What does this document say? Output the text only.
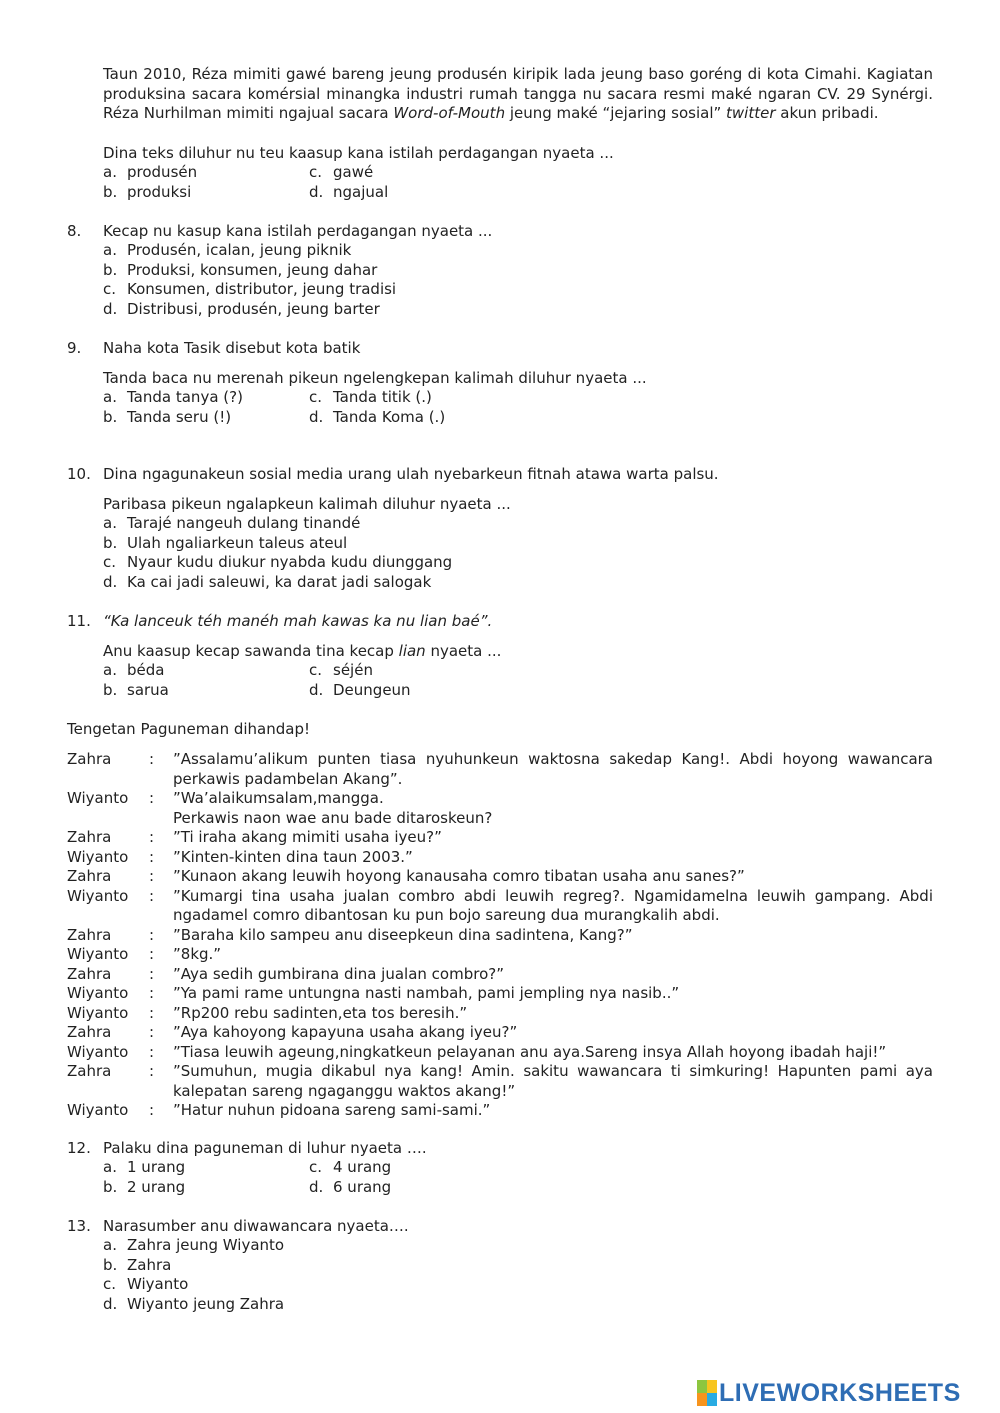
Taun 2010, Réza mimiti gawé bareng jeung produsén kiripik lada jeung baso goréng di kota Cimahi. Kagiatan produksina sacara komérsial minangka industri rumah tangga nu sacara resmi maké ngaran CV. 29 Synérgi. Réza Nurhilman mimiti ngajual sacara Word-of-Mouth jeung maké “jejaring sosial” twitter akun pribadi.
Dina teks diluhur nu teu kaasup kana istilah perdagangan nyaeta ...
a. produsén	c. gawé
b. produksi	d. ngajual
8. Kecap nu kasup kana istilah perdagangan nyaeta ...
a. Produsén, icalan, jeung piknik
b. Produksi, konsumen, jeung dahar
c. Konsumen, distributor, jeung tradisi
d. Distribusi, produsén, jeung barter
9. Naha kota Tasik disebut kota batik
Tanda baca nu merenah pikeun ngelengkepan kalimah diluhur nyaeta ...
a. Tanda tanya (?)	c. Tanda titik (.)
b. Tanda seru (!)	d. Tanda Koma (.)
10. Dina ngagunakeun sosial media urang ulah nyebarkeun fitnah atawa warta palsu.
Paribasa pikeun ngalapkeun kalimah diluhur nyaeta ...
a. Tarajé nangeuh dulang tinandé
b. Ulah ngaliarkeun taleus ateul
c. Nyaur kudu diukur nyabda kudu diunggang
d. Ka cai jadi saleuwi, ka darat jadi salogak
11. “Ka lanceuk téh manéh mah kawas ka nu lian baé”.
Anu kaasup kecap sawanda tina kecap lian nyaeta ...
a. béda	c. séjén
b. sarua	d. Deungeun
Tengetan Paguneman dihandap!
Zahra	:	”Assalamu’alikum punten tiasa nyuhunkeun waktosna sakedap Kang!. Abdi hoyong wawancara perkawis padambelan Akang”.
Wiyanto	:	”Wa’alaikumsalam,mangga.
Perkawis naon wae anu bade ditaroskeun?
Zahra	:	”Ti iraha akang mimiti usaha iyeu?”
Wiyanto	:	”Kinten-kinten dina taun 2003.”
Zahra	:	”Kunaon akang leuwih hoyong kanausaha comro tibatan usaha anu sanes?”
Wiyanto	:	”Kumargi tina usaha jualan combro abdi leuwih regreg?. Ngamidamelna leuwih gampang. Abdi ngadamel comro dibantosan ku pun bojo sareung dua murangkalih abdi.
Zahra	:	”Baraha kilo sampeu anu diseepkeun dina sadintena, Kang?”
Wiyanto	:	”8kg.”
Zahra	:	”Aya sedih gumbirana dina jualan combro?”
Wiyanto	:	”Ya pami rame untungna nasti nambah, pami jempling nya nasib..”
Wiyanto	:	”Rp200 rebu sadinten,eta tos beresih.”
Zahra	:	”Aya kahoyong kapayuna usaha akang iyeu?”
Wiyanto	:	”Tiasa leuwih ageung,ningkatkeun pelayanan anu aya.Sareng insya Allah hoyong ibadah haji!”
Zahra	:	”Sumuhun, mugia dikabul nya kang! Amin. sakitu wawancara ti simkuring! Hapunten pami aya kalepatan sareng ngaganggu waktos akang!”
Wiyanto	:	”Hatur nuhun pidoana sareng sami-sami.”
12. Palaku dina paguneman di luhur nyaeta ….
a. 1 urang	c. 4 urang
b. 2 urang	d. 6 urang
13. Narasumber anu diwawancara nyaeta….
a. Zahra jeung Wiyanto
b. Zahra
c. Wiyanto
d. Wiyanto jeung Zahra
LIVEWORKSHEETS
